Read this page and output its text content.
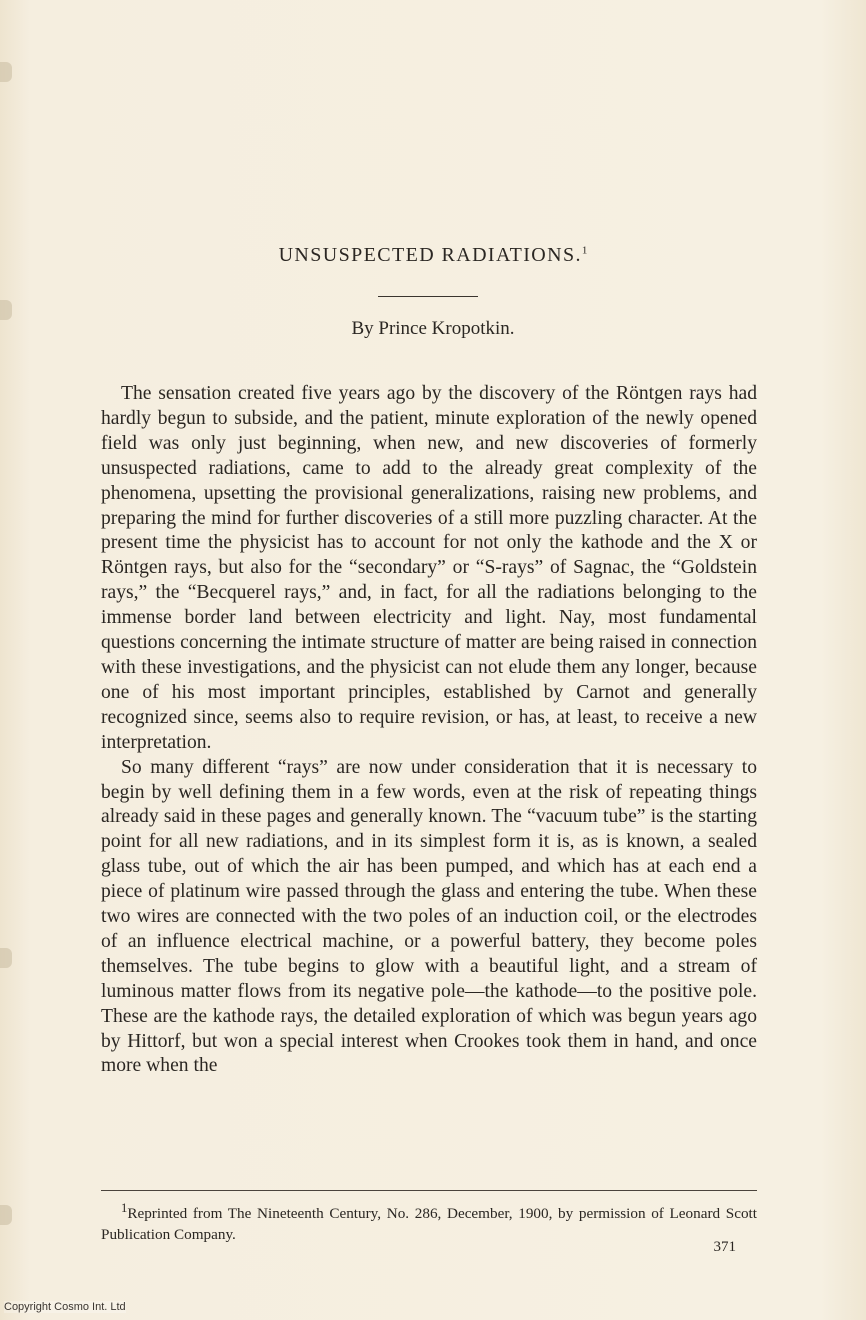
UNSUSPECTED RADIATIONS.$^1$
By Prince Kropotkin.

The sensation created five years ago by the discovery of the Röntgen rays had hardly begun to subside, and the patient, minute exploration of the newly opened field was only just beginning, when new, and new discoveries of formerly unsuspected radiations, came to add to the already great complexity of the phenomena, upsetting the provisional generalizations, raising new problems, and preparing the mind for further discoveries of a still more puzzling character. At the present time the physicist has to account for not only the kathode and the X or Röntgen rays, but also for the “secondary” or “S-rays” of Sagnac, the “Goldstein rays,” the “Becquerel rays,” and, in fact, for all the radiations belonging to the immense border land between electricity and light. Nay, most fundamental questions concerning the intimate structure of matter are being raised in connection with these investigations, and the physicist can not elude them any longer, because one of his most important principles, established by Carnot and generally recognized since, seems also to require revision, or has, at least, to receive a new interpretation.

So many different “rays” are now under consideration that it is necessary to begin by well defining them in a few words, even at the risk of repeating things already said in these pages and generally known. The “vacuum tube” is the starting point for all new radiations, and in its simplest form it is, as is known, a sealed glass tube, out of which the air has been pumped, and which has at each end a piece of platinum wire passed through the glass and entering the tube. When these two wires are connected with the two poles of an induction coil, or the electrodes of an influence electrical machine, or a powerful battery, they become poles themselves. The tube begins to glow with a beautiful light, and a stream of luminous matter flows from its negative pole—the kathode—to the positive pole. These are the kathode rays, the detailed exploration of which was begun years ago by Hittorf, but won a special interest when Crookes took them in hand, and once more when the

$^1$Reprinted from The Nineteenth Century, No. 286, December, 1900, by permission of Leonard Scott Publication Company.

371
Copyright Cosmo Int. Ltd
